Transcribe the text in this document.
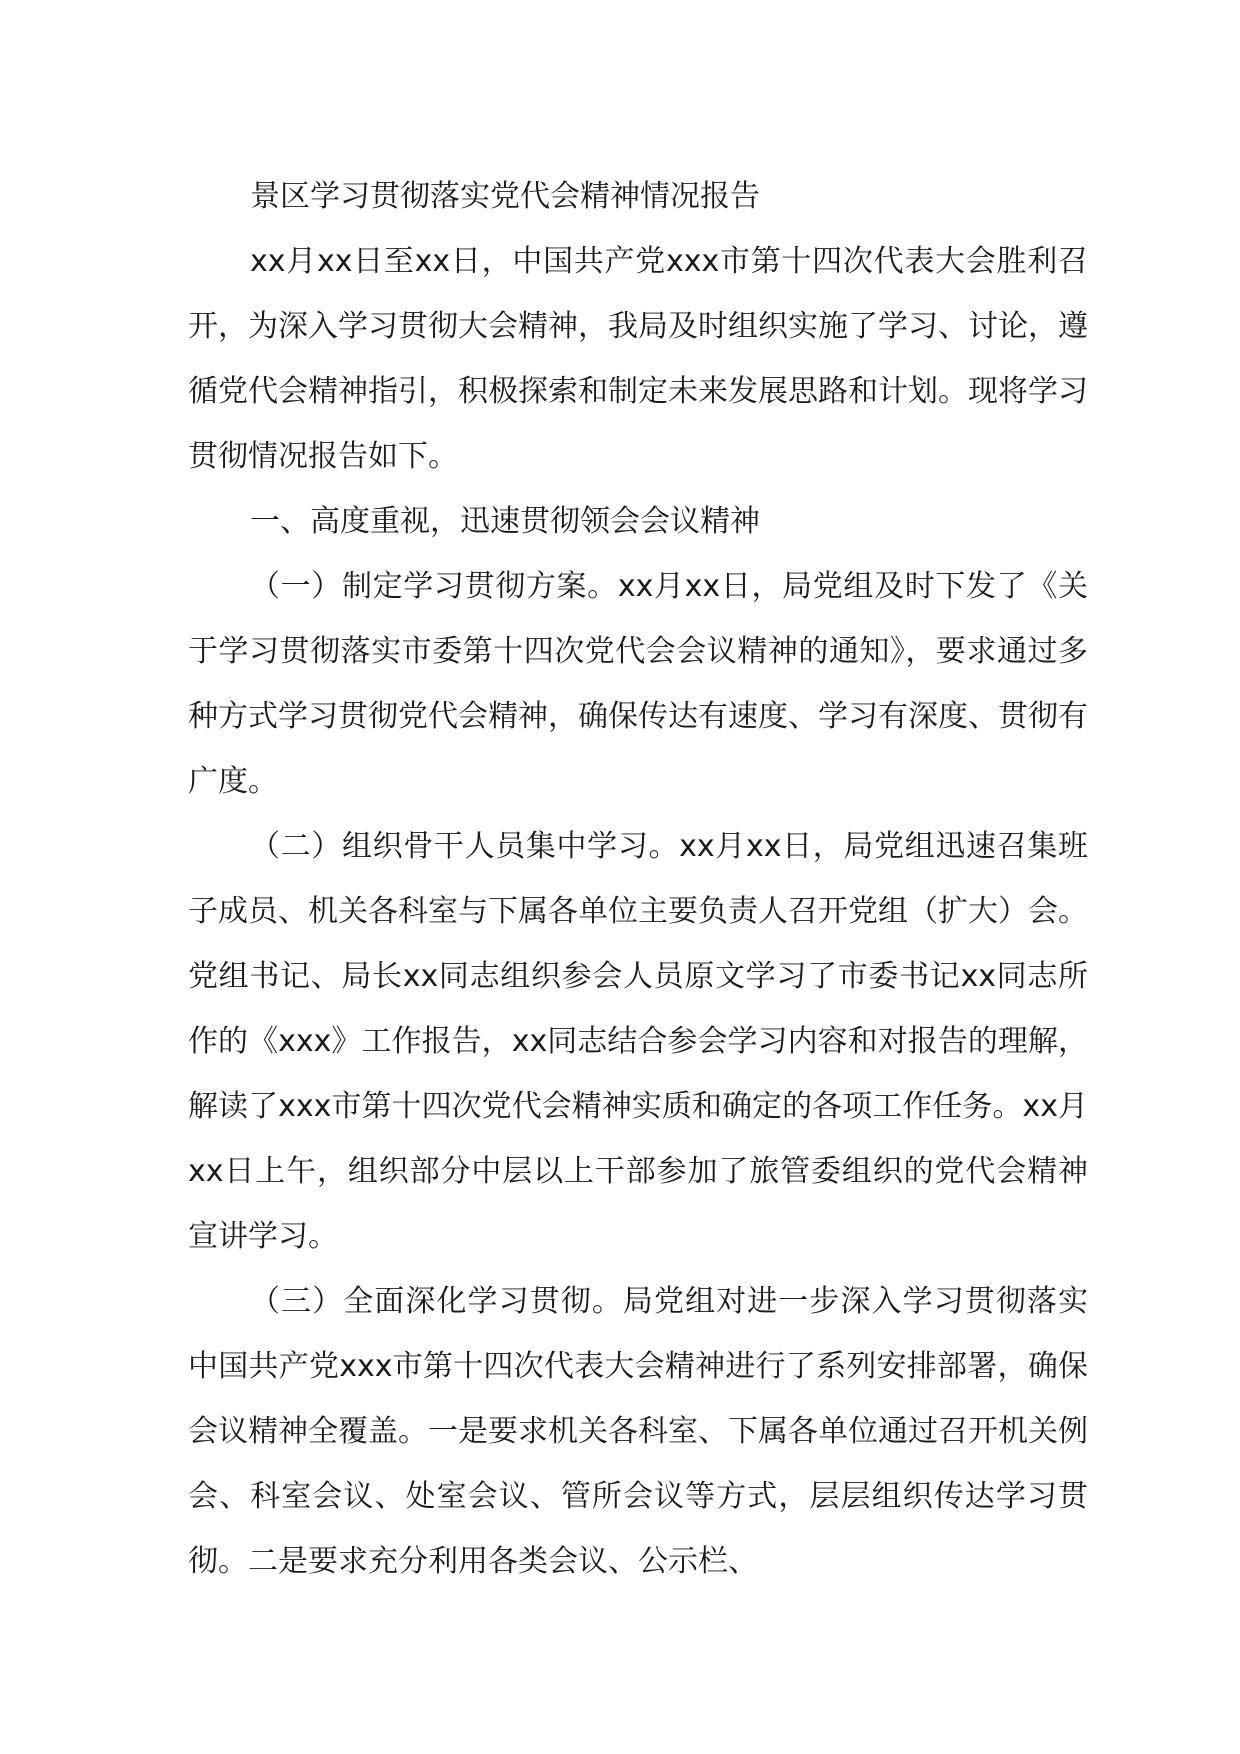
景区学习贯彻落实党代会精神情况报告

xx月xx日至xx日，中国共产党xxx市第十四次代表大会胜利召开，为深入学习贯彻大会精神，我局及时组织实施了学习、讨论，遵循党代会精神指引，积极探索和制定未来发展思路和计划。现将学习贯彻情况报告如下。

一、高度重视，迅速贯彻领会会议精神

（一）制定学习贯彻方案。xx月xx日，局党组及时下发了《关于学习贯彻落实市委第十四次党代会会议精神的通知》，要求通过多种方式学习贯彻党代会精神，确保传达有速度、学习有深度、贯彻有广度。

（二）组织骨干人员集中学习。xx月xx日，局党组迅速召集班子成员、机关各科室与下属各单位主要负责人召开党组（扩大）会。党组书记、局长xx同志组织参会人员原文学习了市委书记xx同志所作的《xxx》工作报告，xx同志结合参会学习内容和对报告的理解，解读了xxx市第十四次党代会精神实质和确定的各项工作任务。xx月xx日上午，组织部分中层以上干部参加了旅管委组织的党代会精神宣讲学习。

（三）全面深化学习贯彻。局党组对进一步深入学习贯彻落实中国共产党xxx市第十四次代表大会精神进行了系列安排部署，确保会议精神全覆盖。一是要求机关各科室、下属各单位通过召开机关例会、科室会议、处室会议、管所会议等方式，层层组织传达学习贯彻。二是要求充分利用各类会议、公示栏、
